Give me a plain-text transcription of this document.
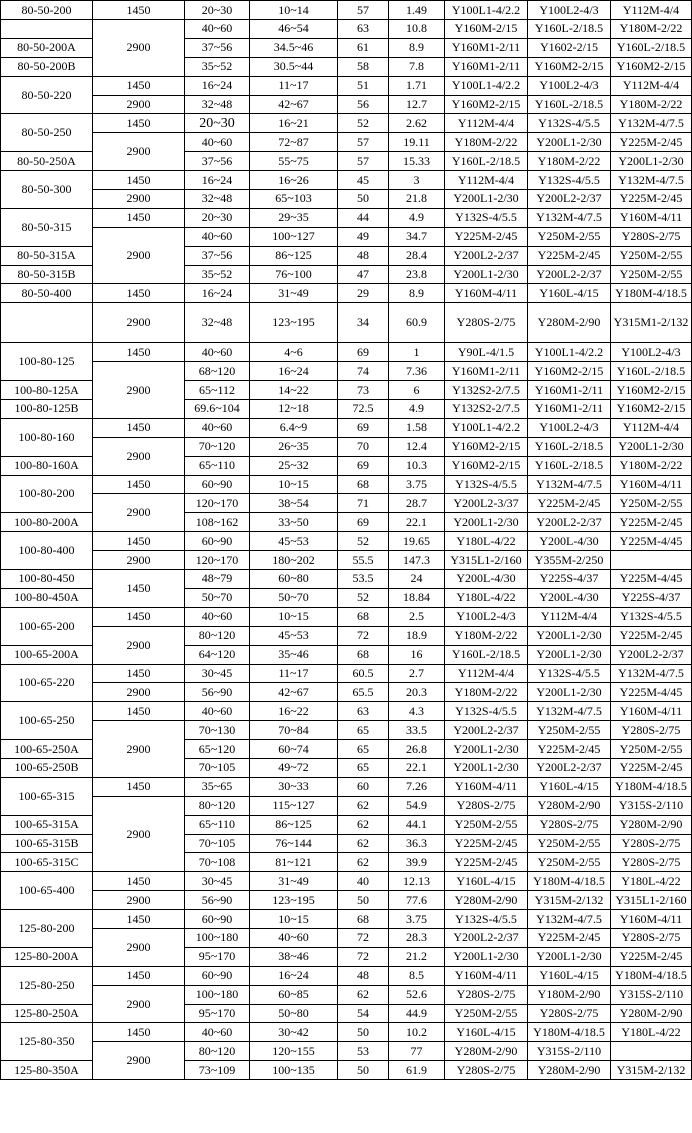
80-50-200	1450	20~30	10~14	57	1.49	Y100L1-4/2.2	Y100L2-4/3	Y112M-4/4
	2900	40~60	46~54	63	10.8	Y160M-2/15	Y160L-2/18.5	Y180M-2/22
80-50-200A		37~56	34.5~46	61	8.9	Y160M1-2/11	Y1602-2/15	Y160L-2/18.5
80-50-200B		35~52	30.5~44	58	7.8	Y160M1-2/11	Y160M2-2/15	Y160M2-2/15
80-50-220	1450	16~24	11~17	51	1.71	Y100L1-4/2.2	Y100L2-4/3	Y112M-4/4
	2900	32~48	42~67	56	12.7	Y160M2-2/15	Y160L-2/18.5	Y180M-2/22
80-50-250	1450	20~30	16~21	52	2.62	Y112M-4/4	Y132S-4/5.5	Y132M-4/7.5
	2900	40~60	72~87	57	19.11	Y180M-2/22	Y200L1-2/30	Y225M-2/45
80-50-250A		37~56	55~75	57	15.33	Y160L-2/18.5	Y180M-2/22	Y200L1-2/30
80-50-300	1450	16~24	16~26	45	3	Y112M-4/4	Y132S-4/5.5	Y132M-4/7.5
	2900	32~48	65~103	50	21.8	Y200L1-2/30	Y200L2-2/37	Y225M-2/45
80-50-315	1450	20~30	29~35	44	4.9	Y132S-4/5.5	Y132M-4/7.5	Y160M-4/11
	2900	40~60	100~127	49	34.7	Y225M-2/45	Y250M-2/55	Y280S-2/75
80-50-315A		37~56	86~125	48	28.4	Y200L2-2/37	Y225M-2/45	Y250M-2/55
80-50-315B		35~52	76~100	47	23.8	Y200L1-2/30	Y200L2-2/37	Y250M-2/55
80-50-400	1450	16~24	31~49	29	8.9	Y160M-4/11	Y160L-4/15	Y180M-4/18.5
	2900	32~48	123~195	34	60.9	Y280S-2/75	Y280M-2/90	Y315M1-2/132
100-80-125	1450	40~60	4~6	69	1	Y90L-4/1.5	Y100L1-4/2.2	Y100L2-4/3
	2900	68~120	16~24	74	7.36	Y160M1-2/11	Y160M2-2/15	Y160L-2/18.5
100-80-125A		65~112	14~22	73	6	Y132S2-2/7.5	Y160M1-2/11	Y160M2-2/15
100-80-125B		69.6~104	12~18	72.5	4.9	Y132S2-2/7.5	Y160M1-2/11	Y160M2-2/15
100-80-160	1450	40~60	6.4~9	69	1.58	Y100L1-4/2.2	Y100L2-4/3	Y112M-4/4
	2900	70~120	26~35	70	12.4	Y160M2-2/15	Y160L-2/18.5	Y200L1-2/30
100-80-160A		65~110	25~32	69	10.3	Y160M2-2/15	Y160L-2/18.5	Y180M-2/22
100-80-200	1450	60~90	10~15	68	3.75	Y132S-4/5.5	Y132M-4/7.5	Y160M-4/11
	2900	120~170	38~54	71	28.7	Y200L2-3/37	Y225M-2/45	Y250M-2/55
100-80-200A		108~162	33~50	69	22.1	Y200L1-2/30	Y200L2-2/37	Y225M-2/45
100-80-400	1450	60~90	45~53	52	19.65	Y180L-4/22	Y200L-4/30	Y225M-4/45
	2900	120~170	180~202	55.5	147.3	Y315L1-2/160	Y355M-2/250	
100-80-450	1450	48~79	60~80	53.5	24	Y200L-4/30	Y225S-4/37	Y225M-4/45
100-80-450A		50~70	50~70	52	18.84	Y180L-4/22	Y200L-4/30	Y225S-4/37
100-65-200	1450	40~60	10~15	68	2.5	Y100L2-4/3	Y112M-4/4	Y132S-4/5.5
	2900	80~120	45~53	72	18.9	Y180M-2/22	Y200L1-2/30	Y225M-2/45
100-65-200A		64~120	35~46	68	16	Y160L-2/18.5	Y200L1-2/30	Y200L2-2/37
100-65-220	1450	30~45	11~17	60.5	2.7	Y112M-4/4	Y132S-4/5.5	Y132M-4/7.5
	2900	56~90	42~67	65.5	20.3	Y180M-2/22	Y200L1-2/30	Y225M-4/45
100-65-250	1450	40~60	16~22	63	4.3	Y132S-4/5.5	Y132M-4/7.5	Y160M-4/11
	2900	70~130	70~84	65	33.5	Y200L2-2/37	Y250M-2/55	Y280S-2/75
100-65-250A		65~120	60~74	65	26.8	Y200L1-2/30	Y225M-2/45	Y250M-2/55
100-65-250B		70~105	49~72	65	22.1	Y200L1-2/30	Y200L2-2/37	Y225M-2/45
100-65-315	1450	35~65	30~33	60	7.26	Y160M-4/11	Y160L-4/15	Y180M-4/18.5
	2900	80~120	115~127	62	54.9	Y280S-2/75	Y280M-2/90	Y315S-2/110
100-65-315A		65~110	86~125	62	44.1	Y250M-2/55	Y280S-2/75	Y280M-2/90
100-65-315B		70~105	76~144	62	36.3	Y225M-2/45	Y250M-2/55	Y280S-2/75
100-65-315C		70~108	81~121	62	39.9	Y225M-2/45	Y250M-2/55	Y280S-2/75
100-65-400	1450	30~45	31~49	40	12.13	Y160L-4/15	Y180M-4/18.5	Y180L-4/22
	2900	56~90	123~195	50	77.6	Y280M-2/90	Y315M-2/132	Y315L1-2/160
125-80-200	1450	60~90	10~15	68	3.75	Y132S-4/5.5	Y132M-4/7.5	Y160M-4/11
	2900	100~180	40~60	72	28.3	Y200L2-2/37	Y225M-2/45	Y280S-2/75
125-80-200A		95~170	38~46	72	21.2	Y200L1-2/30	Y200L1-2/30	Y225M-2/45
125-80-250	1450	60~90	16~24	48	8.5	Y160M-4/11	Y160L-4/15	Y180M-4/18.5
	2900	100~180	60~85	62	52.6	Y280S-2/75	Y180M-2/90	Y315S-2/110
125-80-250A		95~170	50~80	54	44.9	Y250M-2/55	Y280S-2/75	Y280M-2/90
125-80-350	1450	40~60	30~42	50	10.2	Y160L-4/15	Y180M-4/18.5	Y180L-4/22
	2900	80~120	120~155	53	77	Y280M-2/90	Y315S-2/110	
125-80-350A		73~109	100~135	50	61.9	Y280S-2/75	Y280M-2/90	Y315M-2/132
